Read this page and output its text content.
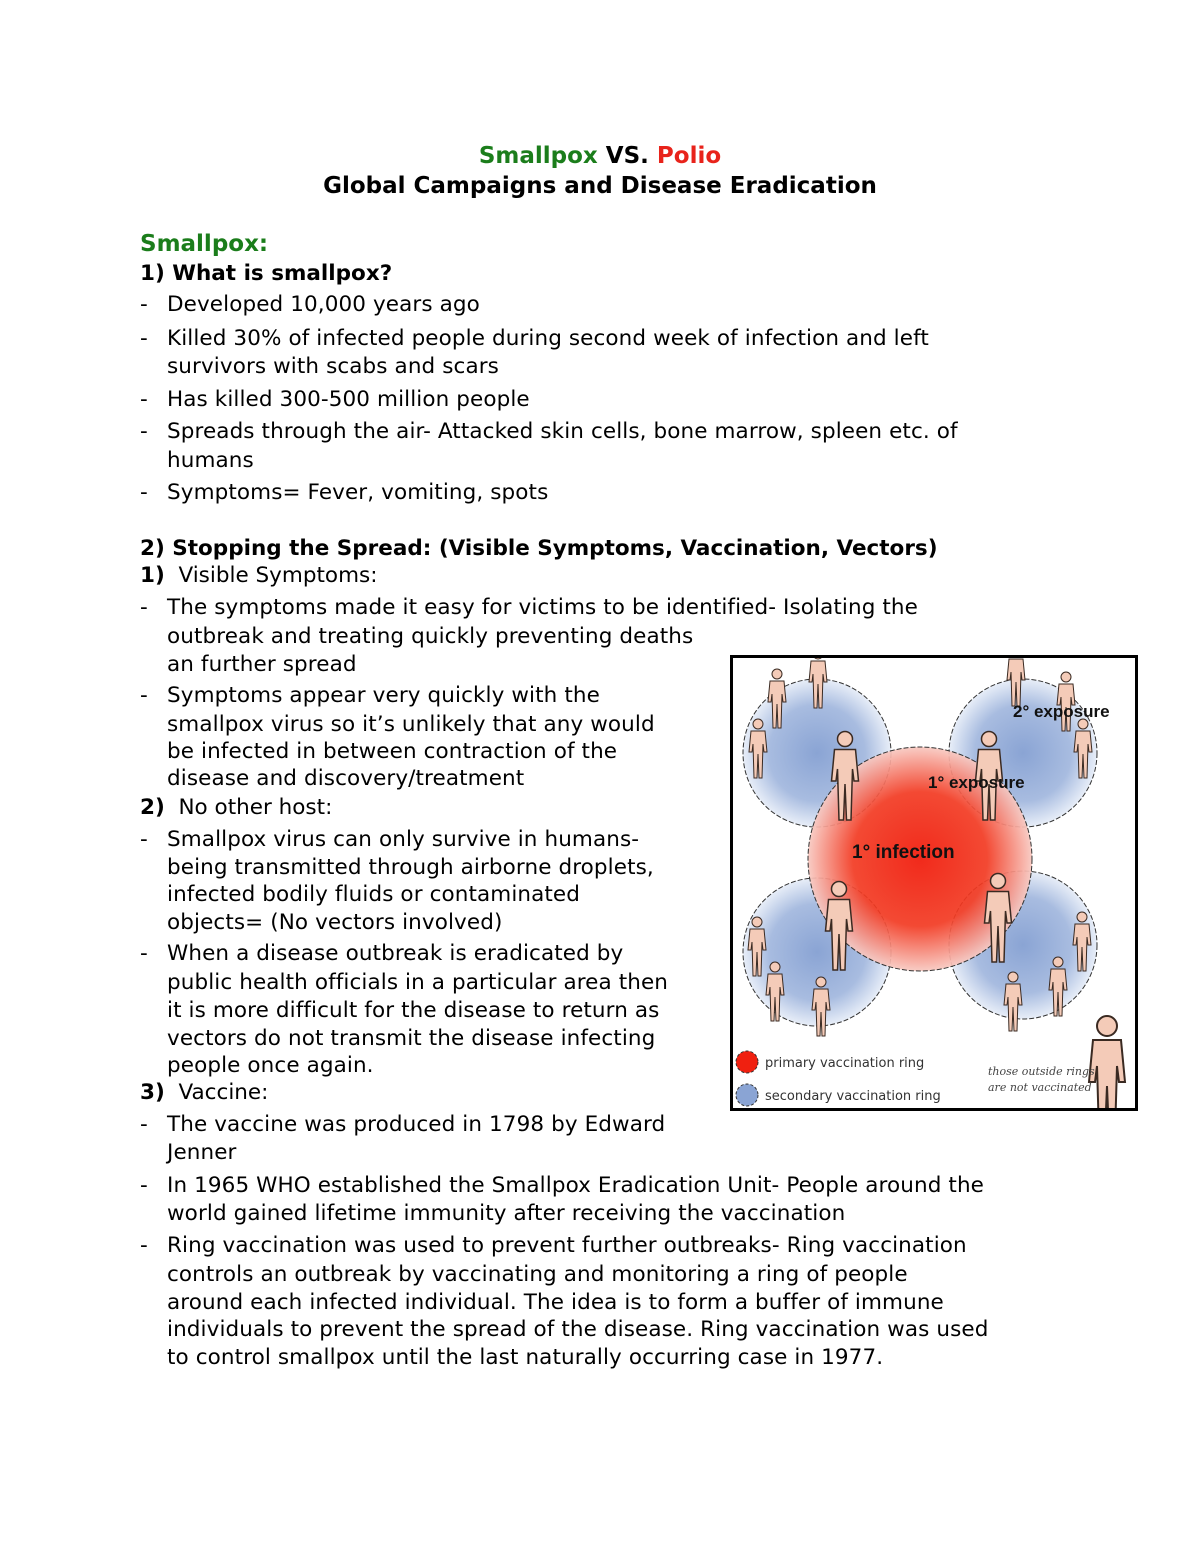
Smallpox VS. Polio
Global Campaigns and Disease Eradication
Smallpox:
1) What is smallpox?
- Developed 10,000 years ago
- Killed 30% of infected people during second week of infection and left
survivors with scabs and scars
- Has killed 300-500 million people
- Spreads through the air- Attacked skin cells, bone marrow, spleen etc. of
humans
- Symptoms= Fever, vomiting, spots
2) Stopping the Spread: (Visible Symptoms, Vaccination, Vectors)
1) Visible Symptoms:
- The symptoms made it easy for victims to be identified- Isolating the
outbreak and treating quickly preventing deaths
an further spread
- Symptoms appear very quickly with the
smallpox virus so it’s unlikely that any would
be infected in between contraction of the
disease and discovery/treatment
2) No other host:
- Smallpox virus can only survive in humans-
being transmitted through airborne droplets,
infected bodily fluids or contaminated
objects= (No vectors involved)
- When a disease outbreak is eradicated by
public health officials in a particular area then
it is more difficult for the disease to return as
vectors do not transmit the disease infecting
people once again.
3) Vaccine:
- The vaccine was produced in 1798 by Edward
Jenner
- In 1965 WHO established the Smallpox Eradication Unit- People around the
world gained lifetime immunity after receiving the vaccination
- Ring vaccination was used to prevent further outbreaks- Ring vaccination
controls an outbreak by vaccinating and monitoring a ring of people
around each infected individual. The idea is to form a buffer of immune
individuals to prevent the spread of the disease. Ring vaccination was used
to control smallpox until the last naturally occurring case in 1977.
1° infection
1° exposure
2° exposure
primary vaccination ring
secondary vaccination ring
those outside rings
are not vaccinated
